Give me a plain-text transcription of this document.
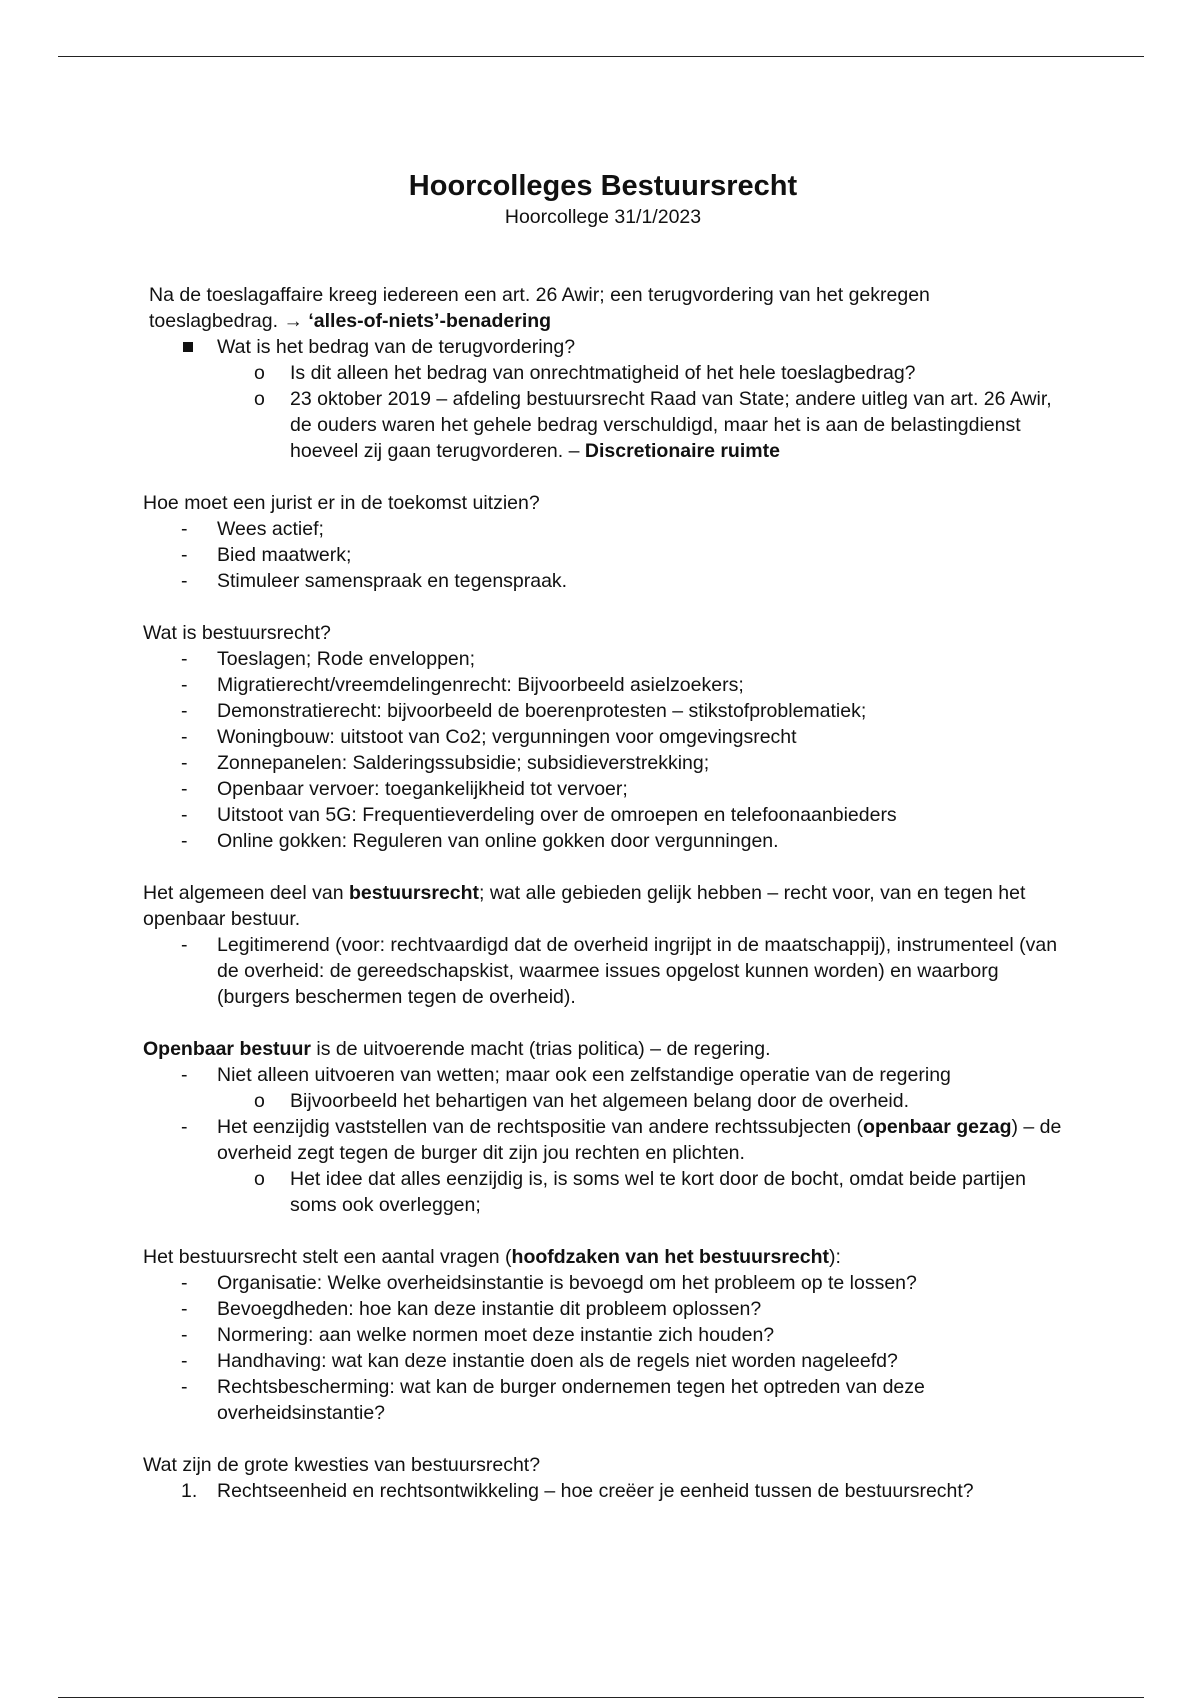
Hoorcolleges Bestuursrecht

Hoorcollege 31/1/2023

Na de toeslagaffaire kreeg iedereen een art. 26 Awir; een terugvordering van het gekregen toeslagbedrag. → ‘alles-of-niets’-benadering

Wat is het bedrag van de terugvordering?
o Is dit alleen het bedrag van onrechtmatigheid of het hele toeslagbedrag?
o 23 oktober 2019 – afdeling bestuursrecht Raad van State; andere uitleg van art. 26 Awir, de ouders waren het gehele bedrag verschuldigd, maar het is aan de belastingdienst hoeveel zij gaan terugvorderen. – Discretionaire ruimte

Hoe moet een jurist er in de toekomst uitzien?

- Wees actief;
- Bied maatwerk;
- Stimuleer samenspraak en tegenspraak.

Wat is bestuursrecht?

- Toeslagen; Rode enveloppen;
- Migratierecht/vreemdelingenrecht: Bijvoorbeeld asielzoekers;
- Demonstratierecht: bijvoorbeeld de boerenprotesten – stikstofproblematiek;
- Woningbouw: uitstoot van Co2; vergunningen voor omgevingsrecht
- Zonnepanelen: Salderingssubsidie; subsidieverstrekking;
- Openbaar vervoer: toegankelijkheid tot vervoer;
- Uitstoot van 5G: Frequentieverdeling over de omroepen en telefoonaanbieders
- Online gokken: Reguleren van online gokken door vergunningen.

Het algemeen deel van bestuursrecht; wat alle gebieden gelijk hebben – recht voor, van en tegen het openbaar bestuur.

- Legitimerend (voor: rechtvaardigd dat de overheid ingrijpt in de maatschappij), instrumenteel (van de overheid: de gereedschapskist, waarmee issues opgelost kunnen worden) en waarborg (burgers beschermen tegen de overheid).

Openbaar bestuur is de uitvoerende macht (trias politica) – de regering.

- Niet alleen uitvoeren van wetten; maar ook een zelfstandige operatie van de regering
o Bijvoorbeeld het behartigen van het algemeen belang door de overheid.
- Het eenzijdig vaststellen van de rechtspositie van andere rechtssubjecten (openbaar gezag) – de overheid zegt tegen de burger dit zijn jou rechten en plichten.
o Het idee dat alles eenzijdig is, is soms wel te kort door de bocht, omdat beide partijen soms ook overleggen;

Het bestuursrecht stelt een aantal vragen (hoofdzaken van het bestuursrecht):

- Organisatie: Welke overheidsinstantie is bevoegd om het probleem op te lossen?
- Bevoegdheden: hoe kan deze instantie dit probleem oplossen?
- Normering: aan welke normen moet deze instantie zich houden?
- Handhaving: wat kan deze instantie doen als de regels niet worden nageleefd?
- Rechtsbescherming: wat kan de burger ondernemen tegen het optreden van deze overheidsinstantie?

Wat zijn de grote kwesties van bestuursrecht?

1. Rechtseenheid en rechtsontwikkeling – hoe creëer je eenheid tussen de bestuursrecht?
